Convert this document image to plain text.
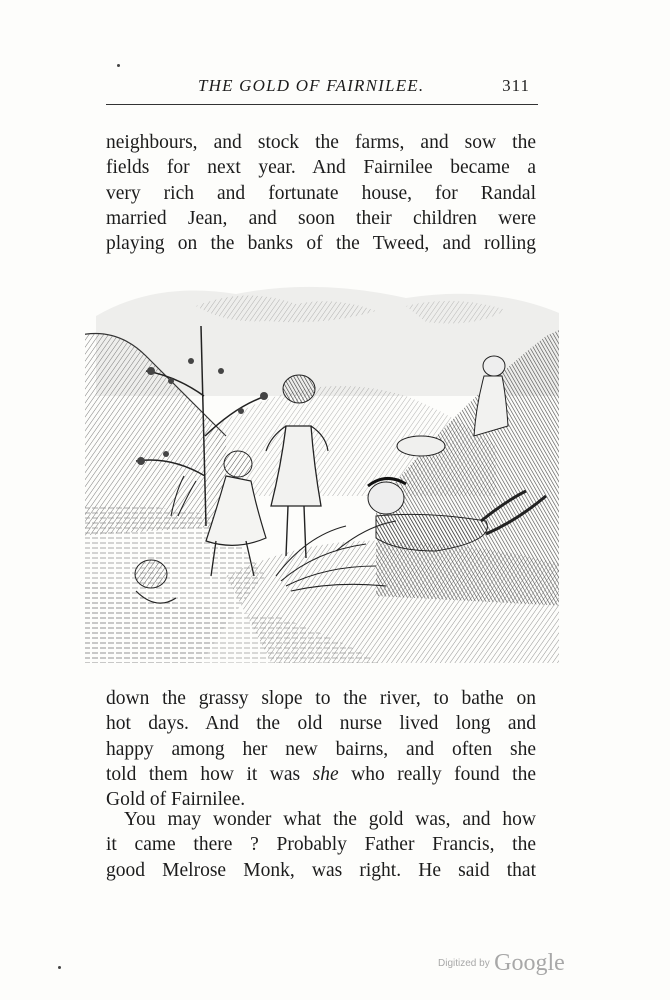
THE GOLD OF FAIRNILEE.	311
neighbours, and stock the farms, and sow the
fields for next year. And Fairnilee became a
very rich and fortunate house, for Randal
married Jean, and soon their children were
playing on the banks of the Tweed, and rolling
down the grassy slope to the river, to bathe on
hot days. And the old nurse lived long and
happy among her new bairns, and often she
told them how it was she who really found the
Gold of Fairnilee.
You may wonder what the gold was, and how
it came there ? Probably Father Francis, the
good Melrose Monk, was right. He said that
Digitized by Google
